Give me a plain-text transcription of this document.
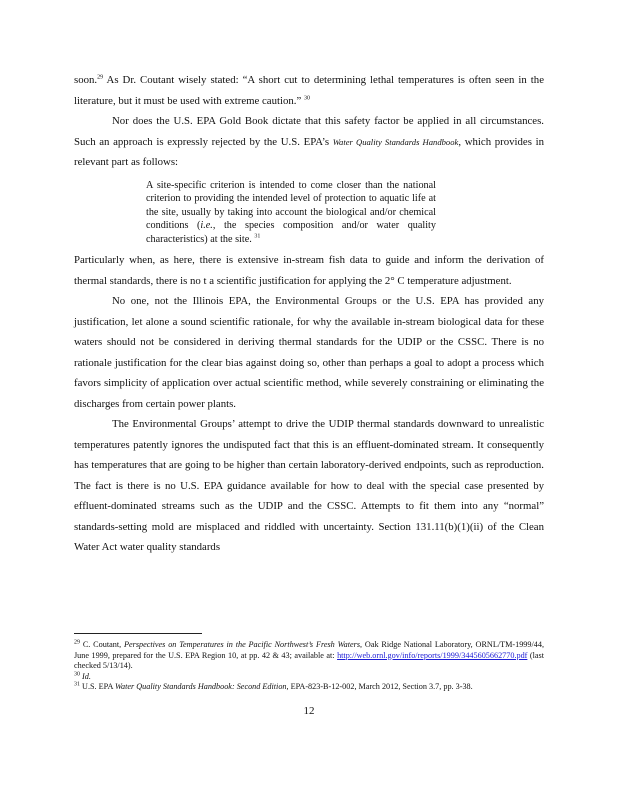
soon.$^{29}$ As Dr. Coutant wisely stated: “A short cut to determining lethal temperatures is often seen in the literature, but it must be used with extreme caution.” $^{30}$

Nor does the U.S. EPA Gold Book dictate that this safety factor be applied in all circumstances. Such an approach is expressly rejected by the U.S. EPA’s Water Quality Standards Handbook, which provides in relevant part as follows:

A site-specific criterion is intended to come closer than the national criterion to providing the intended level of protection to aquatic life at the site, usually by taking into account the biological and/or chemical conditions (i.e., the species composition and/or water quality characteristics) at the site. $^{31}$

Particularly when, as here, there is extensive in-stream fish data to guide and inform the derivation of thermal standards, there is no t a scientific justification for applying the 2° C temperature adjustment.

No one, not the Illinois EPA, the Environmental Groups or the U.S. EPA has provided any justification, let alone a sound scientific rationale, for why the available in-stream biological data for these waters should not be considered in deriving thermal standards for the UDIP or the CSSC. There is no rationale justification for the clear bias against doing so, other than perhaps a goal to adopt a process which favors simplicity of application over actual scientific method, while severely constraining or eliminating the discharges from certain power plants.

The Environmental Groups’ attempt to drive the UDIP thermal standards downward to unrealistic temperatures patently ignores the undisputed fact that this is an effluent-dominated stream. It consequently has temperatures that are going to be higher than certain laboratory-derived endpoints, such as reproduction. The fact is there is no U.S. EPA guidance available for how to deal with the special case presented by effluent-dominated streams such as the UDIP and the CSSC. Attempts to fit them into any “normal” standards-setting mold are misplaced and riddled with uncertainty. Section 131.11(b)(1)(ii) of the Clean Water Act water quality standards

$^{29}$ C. Coutant, Perspectives on Temperatures in the Pacific Northwest’s Fresh Waters, Oak Ridge National Laboratory, ORNL/TM-1999/44, June 1999, prepared for the U.S. EPA Region 10, at pp. 42 & 43; available at: http://web.ornl.gov/info/reports/1999/3445605662770.pdf (last checked 5/13/14).

$^{30}$ Id.

$^{31}$ U.S. EPA Water Quality Standards Handbook: Second Edition, EPA-823-B-12-002, March 2012, Section 3.7, pp. 3-38.

12
